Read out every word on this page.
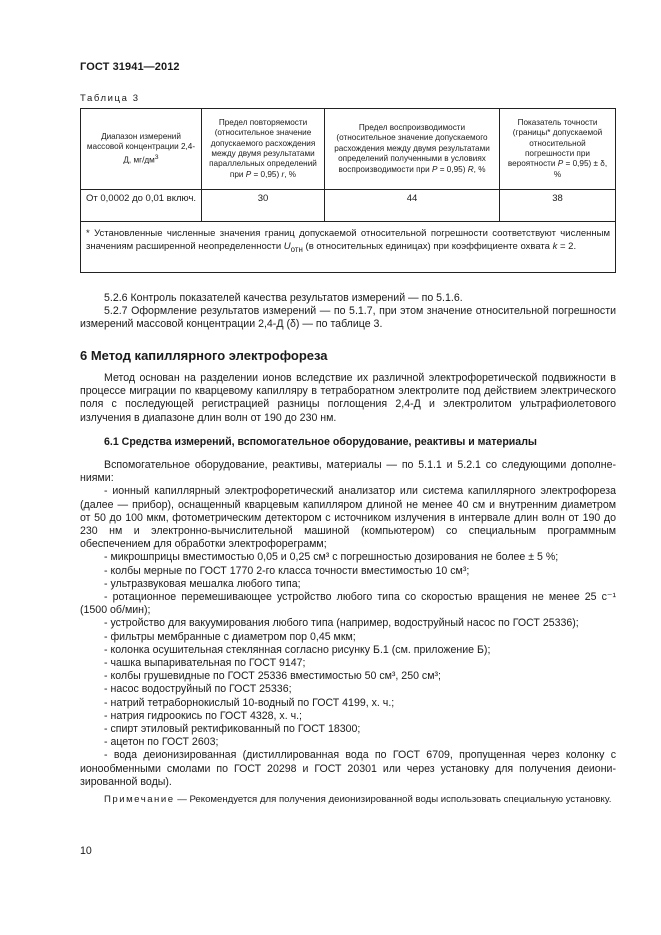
ГОСТ 31941—2012
Таблица 3
Диапазон измерений массовой концентрации 2,4-Д, $мг/дм^3$	Предел повторяемости (относительное значение допускаемого расхождения между двумя результатами параллельных определений при P = 0,95) r, %	Предел воспроизводимости (относительное значение допускаемого расхождения между двумя результатами определений полученными в условиях воспроизводимости при P = 0,95) R, %	Показатель точности (границы* допускаемой относительной погрешности при вероятности P = 0,95) ± δ, %
От 0,0002 до 0,01 включ.	30	44	38
* Установленные численные значения границ допускаемой относительной погрешности соответствуют численным значениям расширенной неопределенности $U_{отн}$ (в относительных единицах) при коэффициенте охвата k = 2.			

5.2.6 Контроль показателей качества результатов измерений — по 5.1.6.

5.2.7 Оформление результатов измерений — по 5.1.7, при этом значение относительной погрешности измерений массовой концентрации 2,4-Д (δ) — по таблице 3.

6 Метод капиллярного электрофореза

Метод основан на разделении ионов вследствие их различной электрофоретической подвижности в процессе миграции по кварцевому капилляру в тетраборатном электролите под действием электрического поля с последующей регистрацией разницы поглощения 2,4-Д и электролитом ультрафиолетового излучения в диапазоне длин волн от 190 до 230 нм.

6.1 Средства измерений, вспомогательное оборудование, реактивы и материалы

Вспомогательное оборудование, реактивы, материалы — по 5.1.1 и 5.2.1 со следующими дополнениями:

- ионный капиллярный электрофоретический анализатор или система капиллярного электрофореза (далее — прибор), оснащенный кварцевым капилляром длиной не менее 40 см и внутренним диаметром от 50 до 100 мкм, фотометрическим детектором с источником излучения в интервале длин волн от 190 до 230 нм и электронно-вычислительной машиной (компьютером) со специальным программным обеспечением для обработки электрофореграмм;

- микрошприцы вместимостью 0,05 и 0,25 см³ с погрешностью дозирования не более ± 5 %;

- колбы мерные по ГОСТ 1770 2-го класса точности вместимостью 10 см³;

- ультразвуковая мешалка любого типа;

- ротационное перемешивающее устройство любого типа со скоростью вращения не менее 25 с⁻¹ (1500 об/мин);

- устройство для вакуумирования любого типа (например, водоструйный насос по ГОСТ 25336);

- фильтры мембранные с диаметром пор 0,45 мкм;

- колонка осушительная стеклянная согласно рисунку Б.1 (см. приложение Б);

- чашка выпаривательная по ГОСТ 9147;

- колбы грушевидные по ГОСТ 25336 вместимостью 50 см³, 250 см³;

- насос водоструйный по ГОСТ 25336;

- натрий тетраборнокислый 10-водный по ГОСТ 4199, х. ч.;

- натрия гидроокись по ГОСТ 4328, х. ч.;

- спирт этиловый ректификованный по ГОСТ 18300;

- ацетон по ГОСТ 2603;

- вода деионизированная (дистиллированная вода по ГОСТ 6709, пропущенная через колонку с ионообменными смолами по ГОСТ 20298 и ГОСТ 20301 или через установку для получения деионизированной воды).

Примечание — Рекомендуется для получения деионизированной воды использовать специальную установку.

10
